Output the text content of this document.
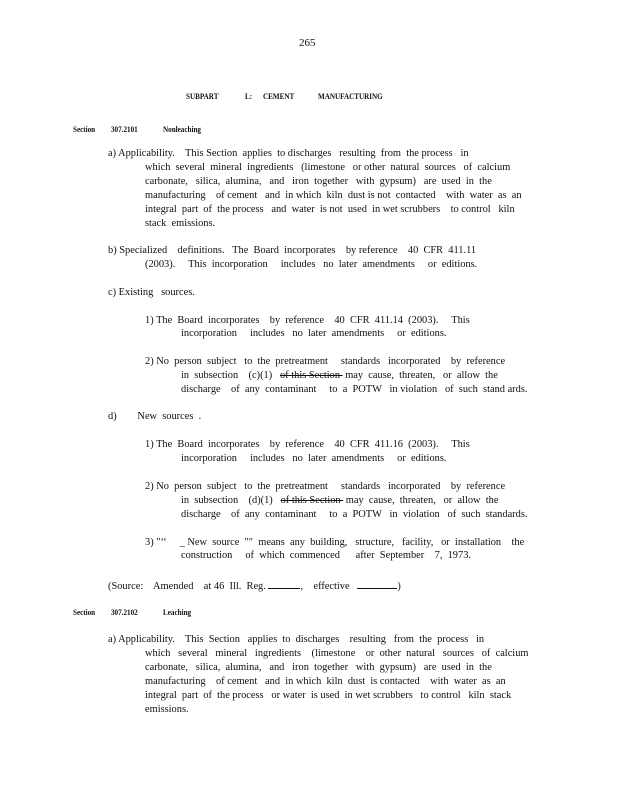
265
SUBPART	L: CEMENT	MANUFACTURING
Section 307.2101	Nonleaching
a) Applicability.    This Section  applies  to discharges   resulting  from  the process   in
which  several  mineral  ingredients   (limestone   or other  natural  sources   of  calcium
carbonate,   silica,  alumina,   and   iron  together   with  gypsum)   are  used  in  the
manufacturing    of cement   and  in which  kiln  dust is not  contacted    with  water  as  an
integral  part  of  the process   and  water  is not  used  in wet scrubbers    to control   kiln
stack  emissions.
b) Specialized    definitions.   The  Board  incorporates    by reference    40  CFR  411.11
(2003).     This  incorporation     includes   no  later  amendments     or  editions.
c) Existing   sources.
1) The  Board  incorporates    by  reference    40  CFR  411.14  (2003).     This
incorporation     includes   no  later  amendments     or  editions.
2) No  person  subject   to  the  pretreatment     standards   incorporated    by  reference
in  subsection    (c)(1)   of this Section  may  cause,  threaten,   or  allow  the
discharge    of  any  contaminant     to  a  POTW   in violation   of  such  stand ards.
d)        New  sources  .
1) The  Board  incorporates    by  reference    40  CFR  411.16  (2003).     This
incorporation     includes   no  later  amendments     or  editions.
2) No  person  subject   to  the  pretreatment     standards   incorporated    by  reference
in  subsection    (d)(1)   of this Section  may  cause,  threaten,   or  allow  the
discharge    of  any  contaminant     to  a  POTW   in  violation   of  such  standards.
3) "‘‘     _ New  source  ""  means  any  building,   structure,   facility,   or  installation    the
construction     of  which  commenced      after  September    7,  1973.
(Source:    Amended    at 46  Ill.  Reg.	,    effective	)
Section 307.2102	Leaching
a) Applicability.    This  Section   applies  to  discharges    resulting   from  the  process   in
which   several   mineral   ingredients    (limestone    or  other  natural   sources   of  calcium
carbonate,   silica,  alumina,   and   iron  together   with  gypsum)   are  used  in  the
manufacturing    of cement   and  in which  kiln  dust  is contacted    with  water  as  an
integral  part  of  the process   or water  is used  in wet scrubbers   to control   kiln  stack
emissions.
